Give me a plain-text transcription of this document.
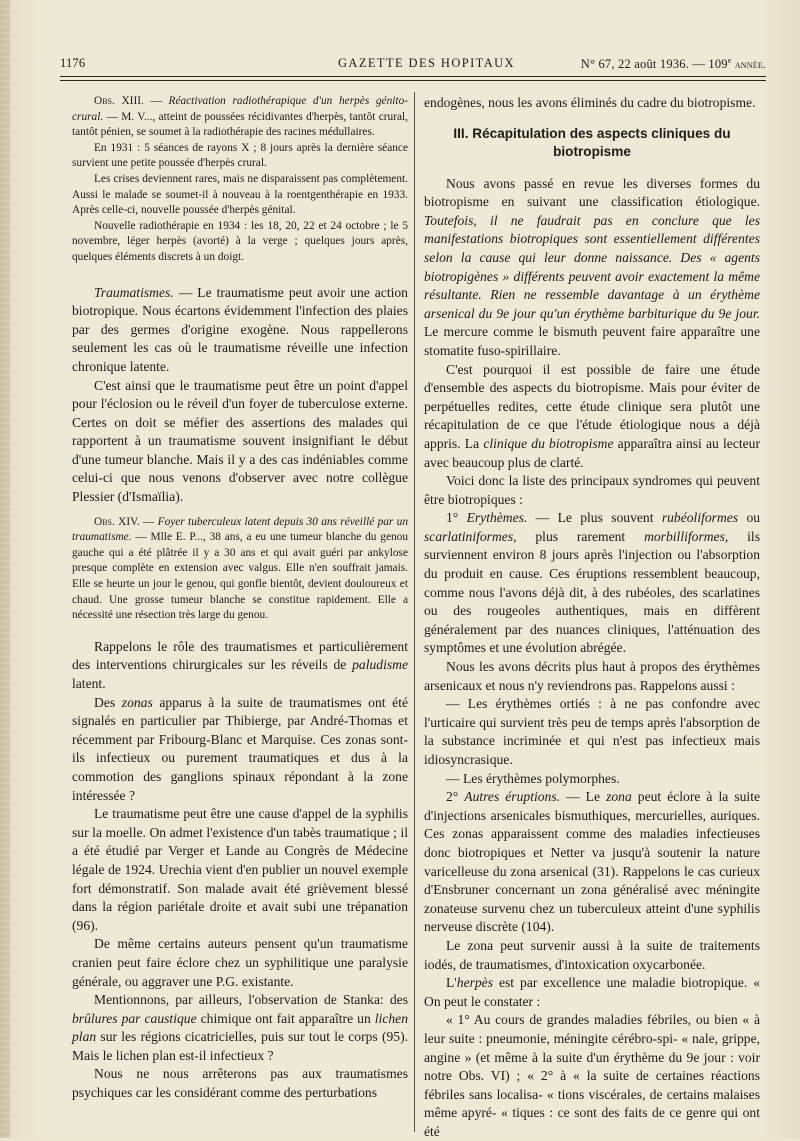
1176	GAZETTE DES HOPITAUX	N° 67, 22 août 1936. — 109e année.

Obs. XIII. — Réactivation radiothérapique d'un herpès génito-crural. — M. V..., atteint de poussées récidivantes d'herpès, tantôt crural, tantôt pénien, se soumet à la radiothérapie des racines médullaires.

En 1931 : 5 séances de rayons X ; 8 jours après la dernière séance survient une petite poussée d'herpès crural.

Les crises deviennent rares, mais ne disparaissent pas complètement. Aussi le malade se soumet-il à nouveau à la roentgenthérapie en 1933. Après celle-ci, nouvelle poussée d'herpès génital.

Nouvelle radiothérapie en 1934 : les 18, 20, 22 et 24 octobre ; le 5 novembre, léger herpès (avorté) à la verge ; quelques jours après, quelques éléments discrets à un doigt.

Traumatismes. — Le traumatisme peut avoir une action biotropique. Nous écartons évidemment l'infection des plaies par des germes d'origine exogène. Nous rappellerons seulement les cas où le traumatisme réveille une infection chronique latente.

C'est ainsi que le traumatisme peut être un point d'appel pour l'éclosion ou le réveil d'un foyer de tuberculose externe. Certes on doit se méfier des assertions des malades qui rapportent à un traumatisme souvent insignifiant le début d'une tumeur blanche. Mais il y a des cas indéniables comme celui-ci que nous venons d'observer avec notre collègue Plessier (d'Ismaïlia).

Obs. XIV. — Foyer tuberculeux latent depuis 30 ans réveillé par un traumatisme. — Mlle E. P..., 38 ans, a eu une tumeur blanche du genou gauche qui a été plâtrée il y a 30 ans et qui avait guéri par ankylose presque complète en extension avec valgus. Elle n'en souffrait jamais. Elle se heurte un jour le genou, qui gonfle bientôt, devient douloureux et chaud. Une grosse tumeur blanche se constitue rapidement. Elle a nécessité une résection très large du genou.

Rappelons le rôle des traumatismes et particulièrement des interventions chirurgicales sur les réveils de paludisme latent.

Des zonas apparus à la suite de traumatismes ont été signalés en particulier par Thibierge, par André-Thomas et récemment par Fribourg-Blanc et Marquise. Ces zonas sont-ils infectieux ou purement traumatiques et dus à la commotion des ganglions spinaux répondant à la zone intéressée ?

Le traumatisme peut être une cause d'appel de la syphilis sur la moelle. On admet l'existence d'un tabès traumatique ; il a été étudié par Verger et Lande au Congrès de Médecine légale de 1924. Urechia vient d'en publier un nouvel exemple fort démonstratif. Son malade avait été grièvement blessé dans la région pariétale droite et avait subi une trépanation (96).

De même certains auteurs pensent qu'un traumatisme cranien peut faire éclore chez un syphilitique une paralysie générale, ou aggraver une P.G. existante.

Mentionnons, par ailleurs, l'observation de Stanka: des brûlures par caustique chimique ont fait apparaître un lichen plan sur les régions cicatricielles, puis sur tout le corps (95). Mais le lichen plan est-il infectieux ?

Nous ne nous arrêterons pas aux traumatismes psychiques car les considérant comme des perturbations

endogènes, nous les avons éliminés du cadre du biotropisme.

III. Récapitulation des aspects cliniques du biotropisme

Nous avons passé en revue les diverses formes du biotropisme en suivant une classification étiologique. Toutefois, il ne faudrait pas en conclure que les manifestations biotropiques sont essentiellement différentes selon la cause qui leur donne naissance. Des « agents biotropigènes » différents peuvent avoir exactement la même résultante. Rien ne ressemble davantage à un érythème arsenical du 9e jour qu'un érythème barbiturique du 9e jour. Le mercure comme le bismuth peuvent faire apparaître une stomatite fuso-spirillaire.

C'est pourquoi il est possible de faire une étude d'ensemble des aspects du biotropisme. Mais pour éviter de perpétuelles redites, cette étude clinique sera plutôt une récapitulation de ce que l'étude étiologique nous a déjà appris. La clinique du biotropisme apparaîtra ainsi au lecteur avec beaucoup plus de clarté.

Voici donc la liste des principaux syndromes qui peuvent être biotropiques :

1° Erythèmes. — Le plus souvent rubéoliformes ou scarlatiniformes, plus rarement morbilliformes, ils surviennent environ 8 jours après l'injection ou l'absorption du produit en cause. Ces éruptions ressemblent beaucoup, comme nous l'avons déjà dit, à des rubéoles, des scarlatines ou des rougeoles authentiques, mais en diffèrent généralement par des nuances cliniques, l'atténuation des symptômes et une évolution abrégée.

Nous les avons décrits plus haut à propos des érythèmes arsenicaux et nous n'y reviendrons pas. Rappelons aussi :

— Les érythèmes ortiés : à ne pas confondre avec l'urticaire qui survient très peu de temps après l'absorption de la substance incriminée et qui n'est pas infectieux mais idiosyncrasique.

— Les érythèmes polymorphes.

2° Autres éruptions. — Le zona peut éclore à la suite d'injections arsenicales bismuthiques, mercurielles, auriques. Ces zonas apparaissent comme des maladies infectieuses donc biotropiques et Netter va jusqu'à soutenir la nature varicelleuse du zona arsenical (31). Rappelons le cas curieux d'Ensbruner concernant un zona généralisé avec méningite zonateuse survenu chez un tuberculeux atteint d'une syphilis nerveuse discrète (104).

Le zona peut survenir aussi à la suite de traitements iodés, de traumatismes, d'intoxication oxycarbonée.

L'herpès est par excellence une maladie biotropique. « On peut le constater :

« 1° Au cours de grandes maladies fébriles, ou bien « à leur suite : pneumonie, méningite cérébro-spi- « nale, grippe, angine » (et même à la suite d'un érythème du 9e jour : voir notre Obs. VI) ; « 2° à « la suite de certaines réactions fébriles sans localisa- « tions viscérales, de certains malaises même apyré- « tiques : ce sont des faits de ce genre qui ont été
